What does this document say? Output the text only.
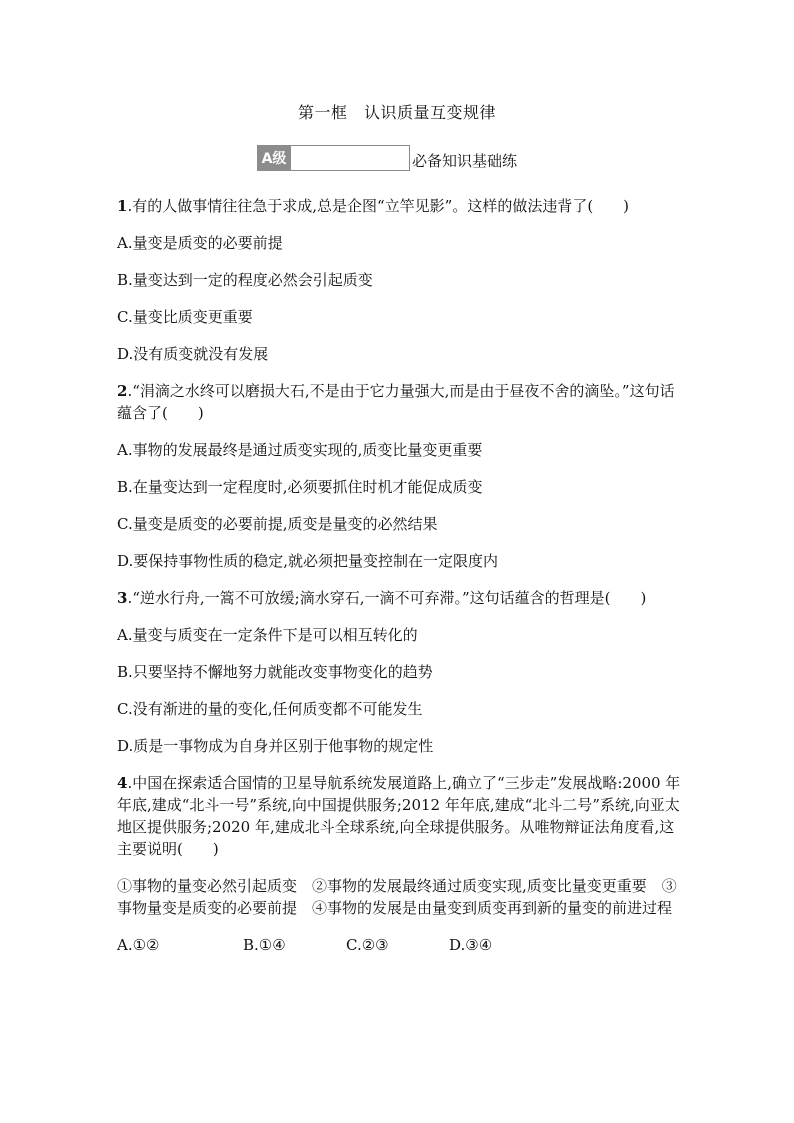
第一框　认识质量互变规律
A级	必备知识基础练
1.有的人做事情往往急于求成,总是企图“立竿见影”。这样的做法违背了(　　)
A.量变是质变的必要前提
B.量变达到一定的程度必然会引起质变
C.量变比质变更重要
D.没有质变就没有发展
2.“涓滴之水终可以磨损大石,不是由于它力量强大,而是由于昼夜不舍的滴坠。”这句话蕴含了(　　)
A.事物的发展最终是通过质变实现的,质变比量变更重要
B.在量变达到一定程度时,必须要抓住时机才能促成质变
C.量变是质变的必要前提,质变是量变的必然结果
D.要保持事物性质的稳定,就必须把量变控制在一定限度内
3.“逆水行舟,一篙不可放缓;滴水穿石,一滴不可弃滞。”这句话蕴含的哲理是(　　)
A.量变与质变在一定条件下是可以相互转化的
B.只要坚持不懈地努力就能改变事物变化的趋势
C.没有渐进的量的变化,任何质变都不可能发生
D.质是一事物成为自身并区别于他事物的规定性
4.中国在探索适合国情的卫星导航系统发展道路上,确立了“三步走”发展战略:2000 年年底,建成“北斗一号”系统,向中国提供服务;2012 年年底,建成“北斗二号”系统,向亚太地区提供服务;2020 年,建成北斗全球系统,向全球提供服务。从唯物辩证法角度看,这主要说明(　　)
①事物的量变必然引起质变　②事物的发展最终通过质变实现,质变比量变更重要　③事物量变是质变的必要前提　④事物的发展是由量变到质变再到新的量变的前进过程
A.①②	B.①④	C.②③	D.③④
